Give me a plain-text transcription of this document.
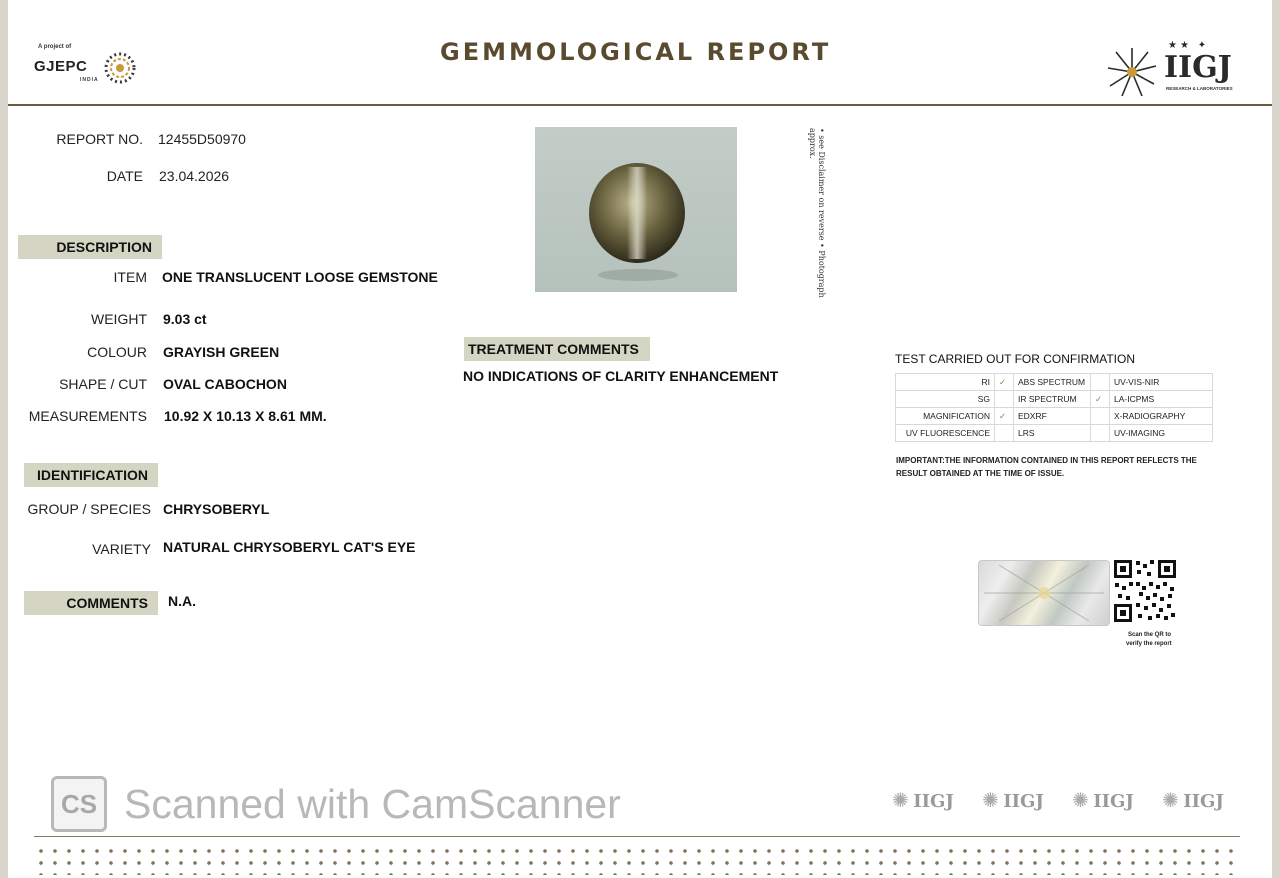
A project of
GJEPC
INDIA
GEMMOLOGICAL REPORT	★★ ✦
IIGJ
RESEARCH & LABORATORIES
REPORT NO. 12455D50970
DATE 23.04.2026
DESCRIPTION
ITEM ONE TRANSLUCENT LOOSE GEMSTONE
WEIGHT 9.03 ct
COLOUR GRAYISH GREEN
SHAPE / CUT OVAL CABOCHON
MEASUREMENTS 10.92 X 10.13 X 8.61 MM.
IDENTIFICATION
GROUP / SPECIES CHRYSOBERYL
VARIETY NATURAL CHRYSOBERYL CAT'S EYE
COMMENTS	N.A.
• see Disclaimer on reverse • Photograph approx.
TREATMENT COMMENTS
NO INDICATIONS OF CLARITY ENHANCEMENT
TEST CARRIED OUT FOR CONFIRMATION
RI	✓	ABS SPECTRUM		UV-VIS-NIR
SG		IR SPECTRUM	✓	LA-ICPMS
MAGNIFICATION	✓	EDXRF		X-RADIOGRAPHY
UV FLUORESCENCE		LRS		UV-IMAGING
IMPORTANT:THE INFORMATION CONTAINED IN THIS REPORT REFLECTS THE
RESULT OBTAINED AT THE TIME OF ISSUE.
Scan the QR to
verify the report
CS Scanned with CamScanner	✺ IIGJ ✺ IIGJ ✺ IIGJ ✺ IIGJ
